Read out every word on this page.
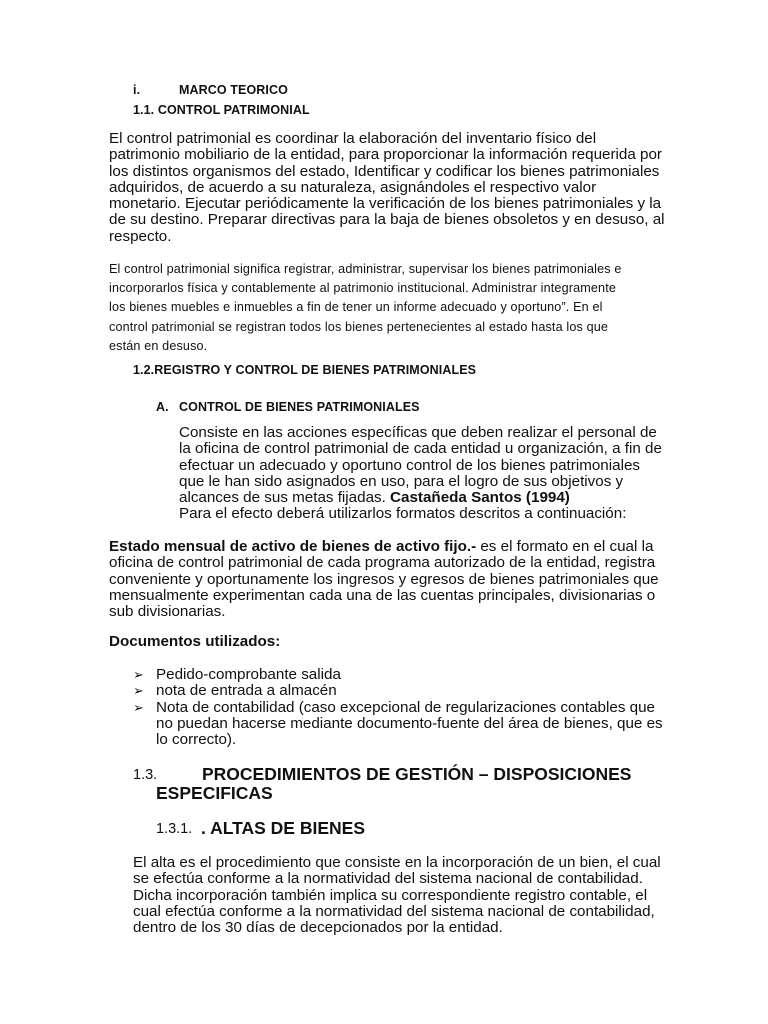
i.	MARCO TEORICO
1.1. CONTROL PATRIMONIAL
El control patrimonial es coordinar la elaboración del inventario físico del
patrimonio mobiliario de la entidad, para proporcionar la información requerida por
los distintos organismos del estado, Identificar y codificar los bienes patrimoniales
adquiridos, de acuerdo a su naturaleza, asignándoles el respectivo valor
monetario. Ejecutar periódicamente la verificación de los bienes patrimoniales y la
de su destino. Preparar directivas para la baja de bienes obsoletos y en desuso, al
respecto.
El control patrimonial significa registrar, administrar, supervisar los bienes patrimoniales e
incorporarlos física y contablemente al patrimonio institucional. Administrar integramente
los bienes muebles e inmuebles a fin de tener un informe adecuado y oportuno”. En el
control patrimonial se registran todos los bienes pertenecientes al estado hasta los que
están en desuso.
1.2.REGISTRO Y CONTROL DE BIENES PATRIMONIALES
A. CONTROL DE BIENES PATRIMONIALES
Consiste en las acciones específicas que deben realizar el personal de
la oficina de control patrimonial de cada entidad u organización, a fin de
efectuar un adecuado y oportuno control de los bienes patrimoniales
que le han sido asignados en uso, para el logro de sus objetivos y
alcances de sus metas fijadas. Castañeda Santos (1994)
Para el efecto deberá utilizarlos formatos descritos a continuación:
Estado mensual de activo de bienes de activo fijo.- es el formato en el cual la
oficina de control patrimonial de cada programa autorizado de la entidad, registra
conveniente y oportunamente los ingresos y egresos de bienes patrimoniales que
mensualmente experimentan cada una de las cuentas principales, divisionarias o
sub divisionarias.
Documentos utilizados:
➢ Pedido-comprobante salida
➢ nota de entrada a almacén
➢ Nota de contabilidad (caso excepcional de regularizaciones contables que
no puedan hacerse mediante documento-fuente del área de bienes, que es
lo correcto).
1.3.	PROCEDIMIENTOS DE GESTIÓN – DISPOSICIONES
ESPECIFICAS
1.3.1. . ALTAS DE BIENES
El alta es el procedimiento que consiste en la incorporación de un bien, el cual
se efectúa conforme a la normatividad del sistema nacional de contabilidad.
Dicha incorporación también implica su correspondiente registro contable, el
cual efectúa conforme a la normatividad del sistema nacional de contabilidad,
dentro de los 30 días de decepcionados por la entidad.
